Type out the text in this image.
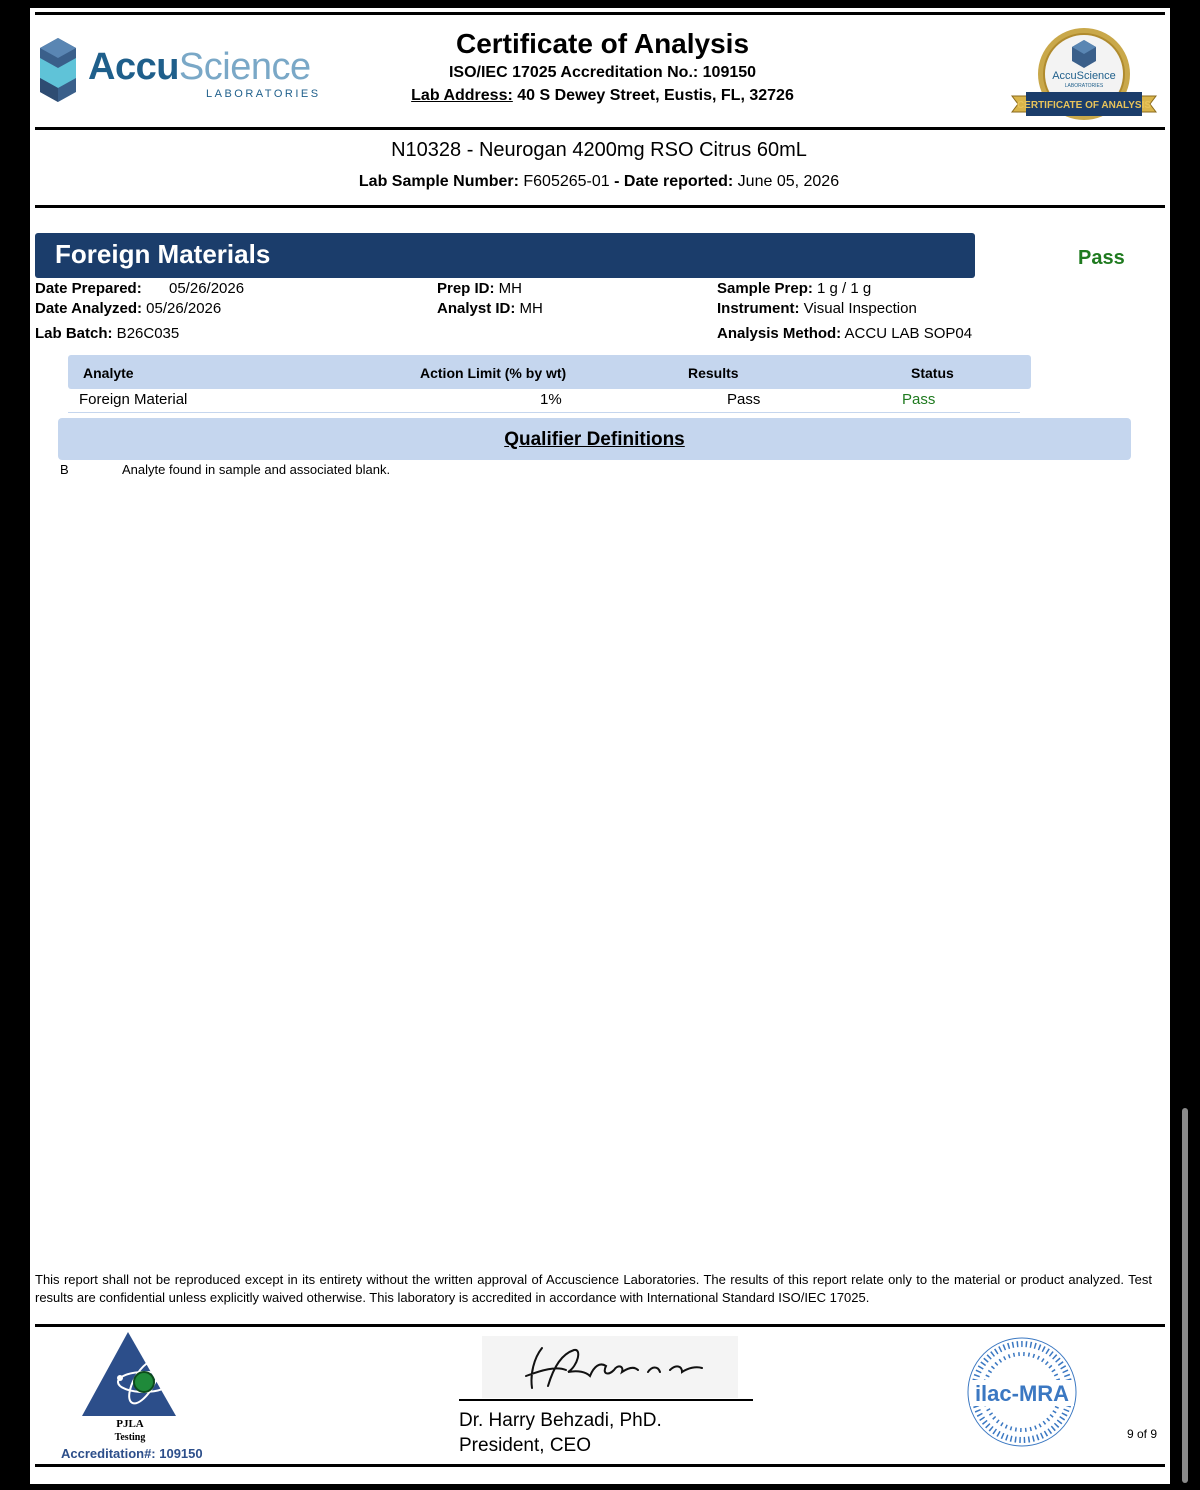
AccuScience
LABORATORIES
Certificate of Analysis
ISO/IEC 17025 Accreditation No.: 109150
Lab Address: 40 S Dewey Street, Eustis, FL, 32726
AccuScience
LABORATORIES
CERTIFICATE OF ANALYSIS
N10328 - Neurogan 4200mg RSO Citrus 60mL
Lab Sample Number: F605265-01 - Date reported: June 05, 2026
Foreign Materials	Pass
Date Prepared: 05/26/2026
Date Analyzed: 05/26/2026
Lab Batch: B26C035
Prep ID: MH
Analyst ID: MH
Sample Prep: 1 g / 1 g
Instrument: Visual Inspection
Analysis Method: ACCU LAB SOP04
Analyte	Action Limit (% by wt)	Results	Status
Foreign Material	1%	Pass	Pass
Qualifier Definitions
B	Analyte found in sample and associated blank.
This report shall not be reproduced except in its entirety without the written approval of Accuscience Laboratories. The results of this report relate only to the material or product analyzed. Test results are confidential unless explicitly waived otherwise. This laboratory is accredited in accordance with International Standard ISO/IEC 17025.
PJLA
Testing
Accreditation#: 109150
Dr. Harry Behzadi, PhD.
President, CEO
ilac-MRA
9 of 9
